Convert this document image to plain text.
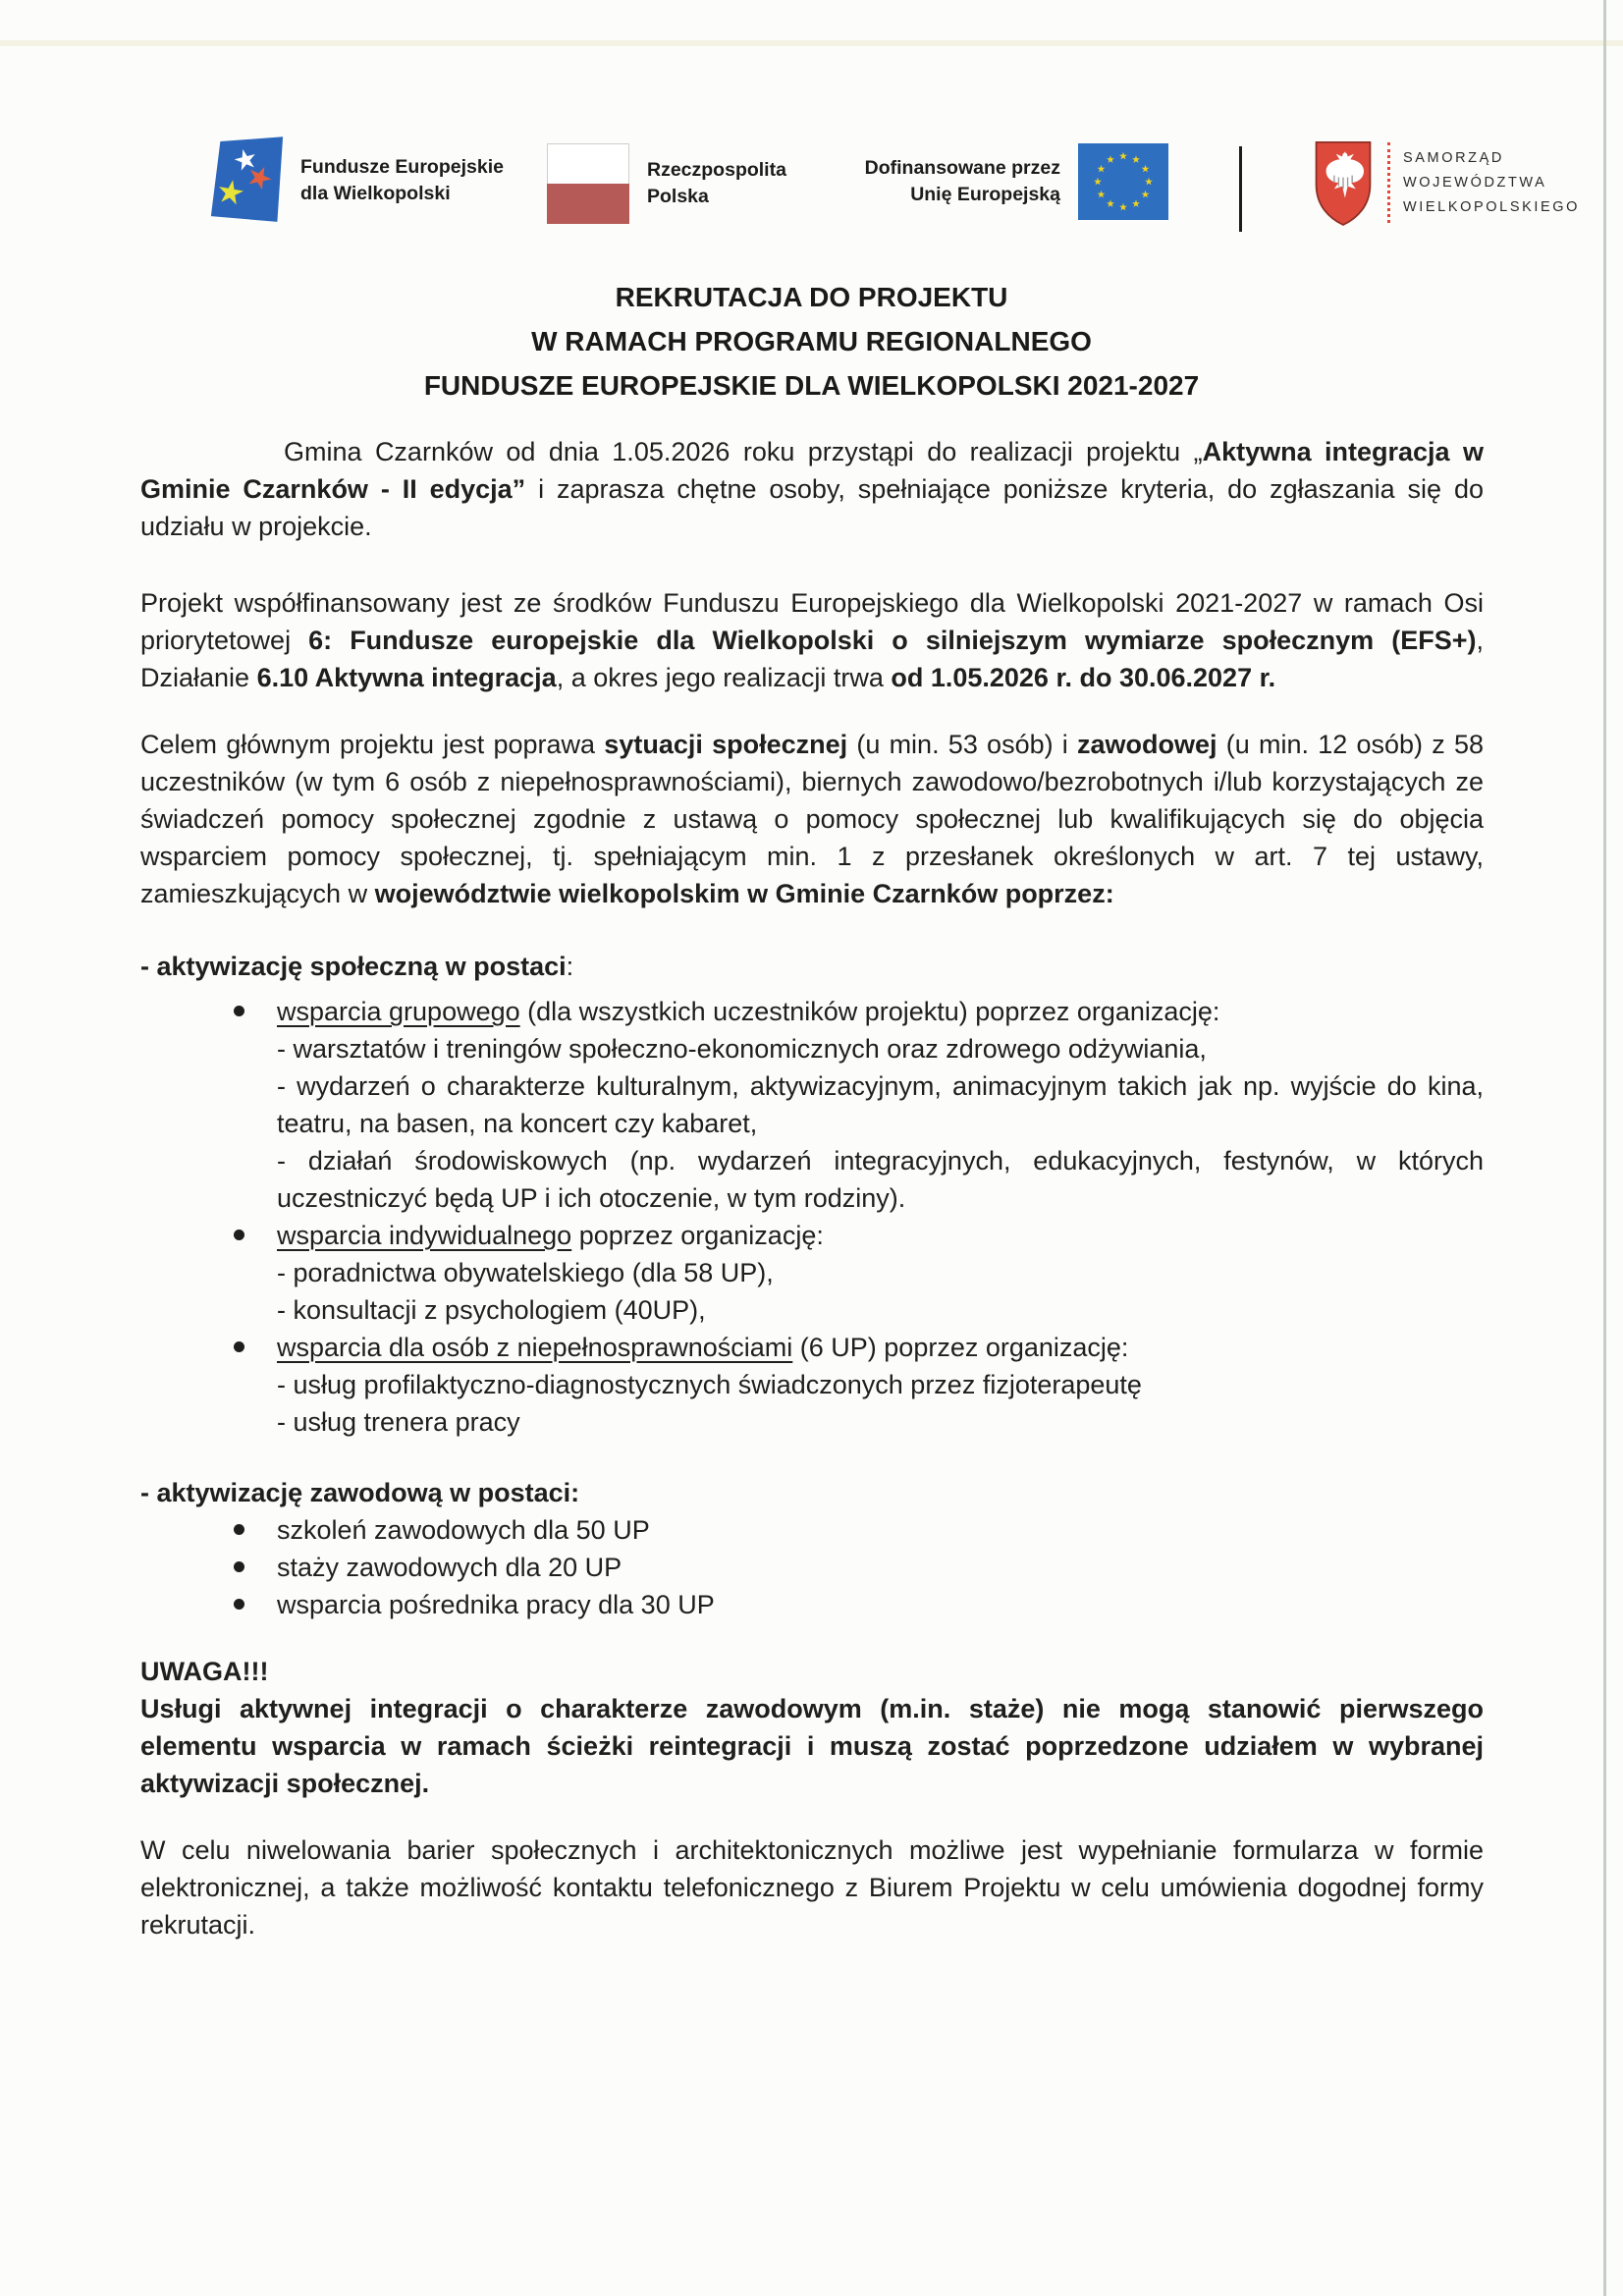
Fundusze Europejskie
dla Wielkopolski
Rzeczpospolita
Polska
Dofinansowane przez
Unię Europejską
SAMORZĄD
WOJEWÓDZTWA
WIELKOPOLSKIEGO
REKRUTACJA DO PROJEKTU
W RAMACH PROGRAMU REGIONALNEGO
FUNDUSZE EUROPEJSKIE DLA WIELKOPOLSKI 2021-2027

Gmina Czarnków od dnia 1.05.2026 roku przystąpi do realizacji projektu „Aktywna integracja w Gminie Czarnków - II edycja” i zaprasza chętne osoby, spełniające poniższe kryteria, do zgłaszania się do udziału w projekcie.

Projekt współfinansowany jest ze środków Funduszu Europejskiego dla Wielkopolski 2021-2027 w ramach Osi priorytetowej 6: Fundusze europejskie dla Wielkopolski o silniejszym wymiarze społecznym (EFS+), Działanie 6.10 Aktywna integracja, a okres jego realizacji trwa od 1.05.2026 r. do 30.06.2027 r.

Celem głównym projektu jest poprawa sytuacji społecznej (u min. 53 osób) i zawodowej (u min. 12 osób) z 58 uczestników (w tym 6 osób z niepełnosprawnościami), biernych zawodowo/bezrobotnych i/lub korzystających ze świadczeń pomocy społecznej zgodnie z ustawą o pomocy społecznej lub kwalifikujących się do objęcia wsparciem pomocy społecznej, tj. spełniającym min. 1 z przesłanek określonych w art. 7 tej ustawy, zamieszkujących w województwie wielkopolskim w Gminie Czarnków poprzez:

- aktywizację społeczną w postaci:

wsparcia grupowego (dla wszystkich uczestników projektu) poprzez organizację:
- warsztatów i treningów społeczno-ekonomicznych oraz zdrowego odżywiania,
- wydarzeń o charakterze kulturalnym, aktywizacyjnym, animacyjnym takich jak np. wyjście do kina, teatru, na basen, na koncert czy kabaret,
- działań środowiskowych (np. wydarzeń integracyjnych, edukacyjnych, festynów, w których uczestniczyć będą UP i ich otoczenie, w tym rodziny).
wsparcia indywidualnego poprzez organizację:
- poradnictwa obywatelskiego (dla 58 UP),
- konsultacji z psychologiem (40UP),
wsparcia dla osób z niepełnosprawnościami (6 UP) poprzez organizację:
- usług profilaktyczno-diagnostycznych świadczonych przez fizjoterapeutę
- usług trenera pracy

- aktywizację zawodową w postaci:

szkoleń zawodowych dla 50 UP
staży zawodowych dla 20 UP
wsparcia pośrednika pracy dla 30 UP

UWAGA!!!

Usługi aktywnej integracji o charakterze zawodowym (m.in. staże) nie mogą stanowić pierwszego elementu wsparcia w ramach ścieżki reintegracji i muszą zostać poprzedzone udziałem w wybranej aktywizacji społecznej.

W celu niwelowania barier społecznych i architektonicznych możliwe jest wypełnianie formularza w formie elektronicznej, a także możliwość kontaktu telefonicznego z Biurem Projektu w celu umówienia dogodnej formy rekrutacji.
